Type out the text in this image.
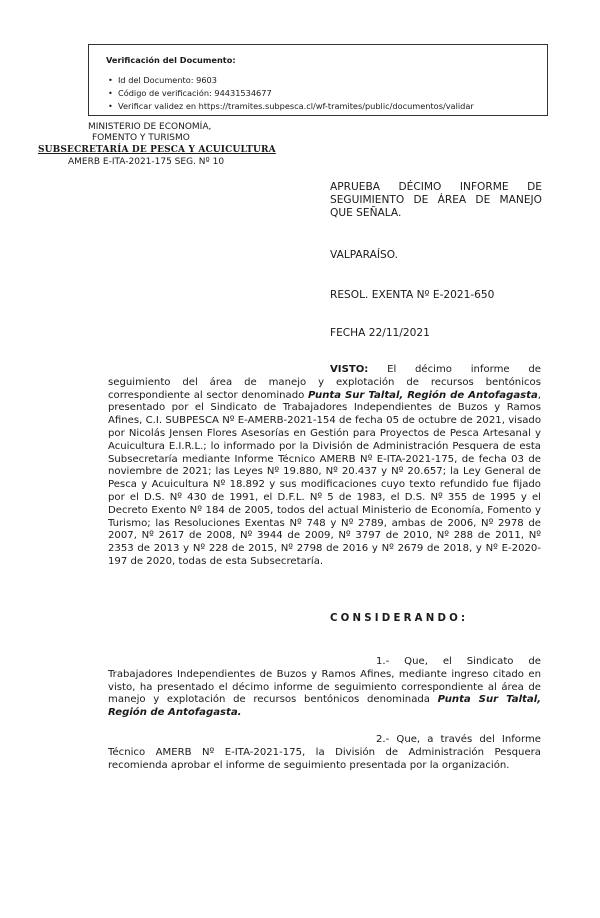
Verificación del Documento:
• Id del Documento: 9603
• Código de verificación: 94431534677
• Verificar validez en https://tramites.subpesca.cl/wf-tramites/public/documentos/validar
MINISTERIO DE ECONOMÍA,
FOMENTO Y TURISMO
SUBSECRETARÍA DE PESCA Y ACUICULTURA
AMERB E-ITA-2021-175 SEG. Nº 10
APRUEBA DÉCIMO INFORME DE SEGUIMIENTO DE ÁREA DE MANEJO QUE SEÑALA.
VALPARAÍSO.
RESOL. EXENTA Nº E-2021-650
FECHA 22/11/2021
VISTO: El décimo informe de seguimiento del área de manejo y explotación de recursos bentónicos correspondiente al sector denominado Punta Sur Taltal, Región de Antofagasta, presentado por el Sindicato de Trabajadores Independientes de Buzos y Ramos Afines, C.I. SUBPESCA Nº E-AMERB-2021-154 de fecha 05 de octubre de 2021, visado por Nicolás Jensen Flores Asesorías en Gestión para Proyectos de Pesca Artesanal y Acuicultura E.I.R.L.; lo informado por la División de Administración Pesquera de esta Subsecretaría mediante Informe Técnico AMERB Nº E-ITA-2021-175, de fecha 03 de noviembre de 2021; las Leyes Nº 19.880, Nº 20.437 y Nº 20.657; la Ley General de Pesca y Acuicultura Nº 18.892 y sus modificaciones cuyo texto refundido fue fijado por el D.S. Nº 430 de 1991, el D.F.L. Nº 5 de 1983, el D.S. Nº 355 de 1995 y el Decreto Exento Nº 184 de 2005, todos del actual Ministerio de Economía, Fomento y Turismo; las Resoluciones Exentas Nº 748 y Nº 2789, ambas de 2006, Nº 2978 de 2007, Nº 2617 de 2008, Nº 3944 de 2009, Nº 3797 de 2010, Nº 288 de 2011, Nº 2353 de 2013 y Nº 228 de 2015, Nº 2798 de 2016 y Nº 2679 de 2018, y Nº E-2020-197 de 2020, todas de esta Subsecretaría.
CONSIDERANDO:
1.- Que, el Sindicato de Trabajadores Independientes de Buzos y Ramos Afines, mediante ingreso citado en visto, ha presentado el décimo informe de seguimiento correspondiente al área de manejo y explotación de recursos bentónicos denominada Punta Sur Taltal, Región de Antofagasta.
2.- Que, a través del Informe Técnico AMERB Nº E-ITA-2021-175, la División de Administración Pesquera recomienda aprobar el informe de seguimiento presentada por la organización.
